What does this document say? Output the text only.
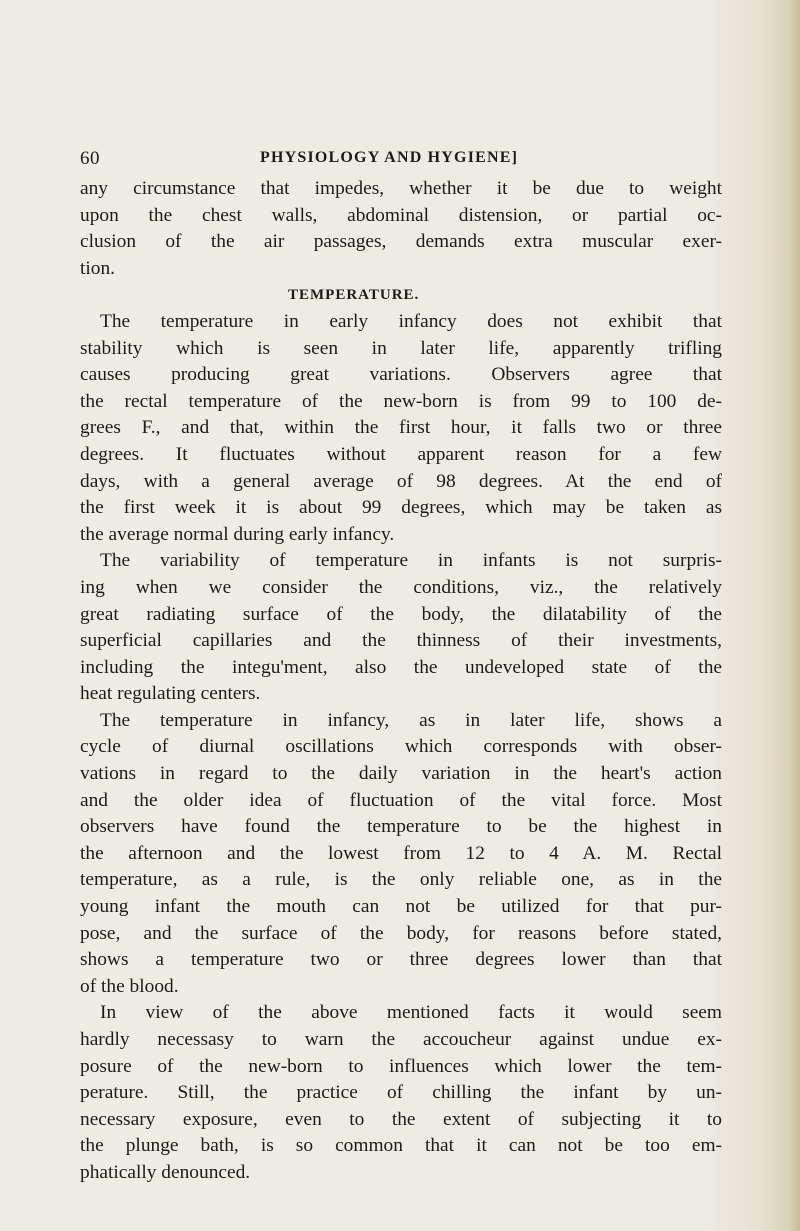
60	PHYSIOLOGY AND HYGIENE]
any circumstance that impedes, whether it be due to weight
upon the chest walls, abdominal distension, or partial oc-
clusion of the air passages, demands extra muscular exer-
tion.
TEMPERATURE.
The temperature in early infancy does not exhibit that
stability which is seen in later life, apparently trifling
causes producing great variations. Observers agree that
the rectal temperature of the new-born is from 99 to 100 de-
grees F., and that, within the first hour, it falls two or three
degrees. It fluctuates without apparent reason for a few
days, with a general average of 98 degrees. At the end of
the first week it is about 99 degrees, which may be taken as
the average normal during early infancy.
The variability of temperature in infants is not surpris-
ing when we consider the conditions, viz., the relatively
great radiating surface of the body, the dilatability of the
superficial capillaries and the thinness of their investments,
including the integu'ment, also the undeveloped state of the
heat regulating centers.
The temperature in infancy, as in later life, shows a
cycle of diurnal oscillations which corresponds with obser-
vations in regard to the daily variation in the heart's action
and the older idea of fluctuation of the vital force. Most
observers have found the temperature to be the highest in
the afternoon and the lowest from 12 to 4 A. M. Rectal
temperature, as a rule, is the only reliable one, as in the
young infant the mouth can not be utilized for that pur-
pose, and the surface of the body, for reasons before stated,
shows a temperature two or three degrees lower than that
of the blood.
In view of the above mentioned facts it would seem
hardly necessasy to warn the accoucheur against undue ex-
posure of the new-born to influences which lower the tem-
perature. Still, the practice of chilling the infant by un-
necessary exposure, even to the extent of subjecting it to
the plunge bath, is so common that it can not be too em-
phatically denounced.
